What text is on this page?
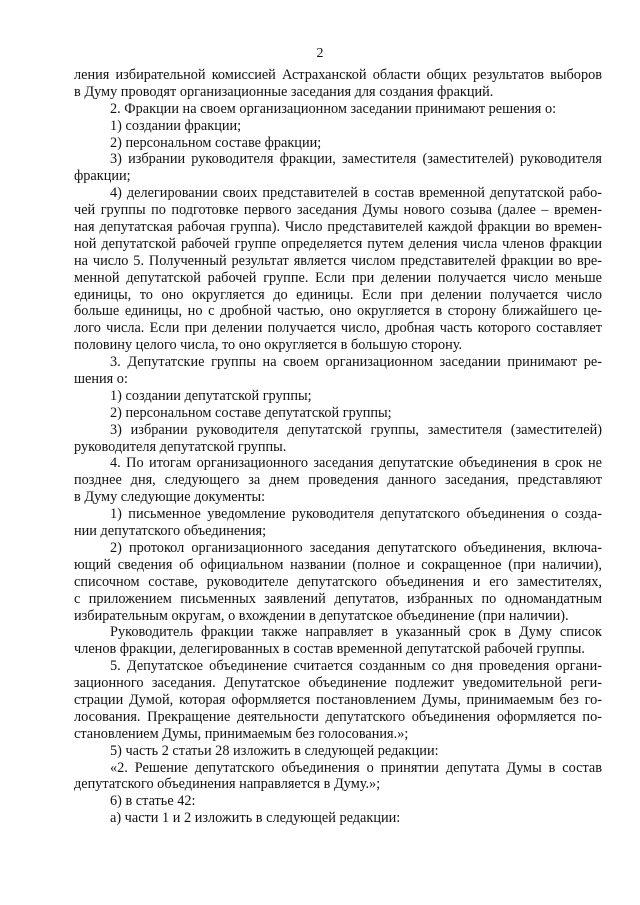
2
ления избирательной комиссией Астраханской области общих результатов выборов
в Думу проводят организационные заседания для создания фракций.
2. Фракции на своем организационном заседании принимают решения о:
1) создании фракции;
2) персональном составе фракции;
3) избрании руководителя фракции, заместителя (заместителей) руководителя
фракции;
4) делегировании своих представителей в состав временной депутатской рабо-
чей группы по подготовке первого заседания Думы нового созыва (далее – времен-
ная депутатская рабочая группа). Число представителей каждой фракции во времен-
ной депутатской рабочей группе определяется путем деления числа членов фракции
на число 5. Полученный результат является числом представителей фракции во вре-
менной депутатской рабочей группе. Если при делении получается число меньше
единицы, то оно округляется до единицы. Если при делении получается число
больше единицы, но с дробной частью, оно округляется в сторону ближайшего це-
лого числа. Если при делении получается число, дробная часть которого составляет
половину целого числа, то оно округляется в большую сторону.
3. Депутатские группы на своем организационном заседании принимают ре-
шения о:
1) создании депутатской группы;
2) персональном составе депутатской группы;
3) избрании руководителя депутатской группы, заместителя (заместителей)
руководителя депутатской группы.
4. По итогам организационного заседания депутатские объединения в срок не
позднее дня, следующего за днем проведения данного заседания, представляют
в Думу следующие документы:
1) письменное уведомление руководителя депутатского объединения о созда-
нии депутатского объединения;
2) протокол организационного заседания депутатского объединения, включа-
ющий сведения об официальном названии (полное и сокращенное (при наличии),
списочном составе, руководителе депутатского объединения и его заместителях,
с приложением письменных заявлений депутатов, избранных по одномандатным
избирательным округам, о вхождении в депутатское объединение (при наличии).
Руководитель фракции также направляет в указанный срок в Думу список
членов фракции, делегированных в состав временной депутатской рабочей группы.
5. Депутатское объединение считается созданным со дня проведения органи-
зационного заседания. Депутатское объединение подлежит уведомительной реги-
страции Думой, которая оформляется постановлением Думы, принимаемым без го-
лосования. Прекращение деятельности депутатского объединения оформляется по-
становлением Думы, принимаемым без голосования.»;
5) часть 2 статьи 28 изложить в следующей редакции:
«2. Решение депутатского объединения о принятии депутата Думы в состав
депутатского объединения направляется в Думу.»;
6) в статье 42:
а) части 1 и 2 изложить в следующей редакции:
